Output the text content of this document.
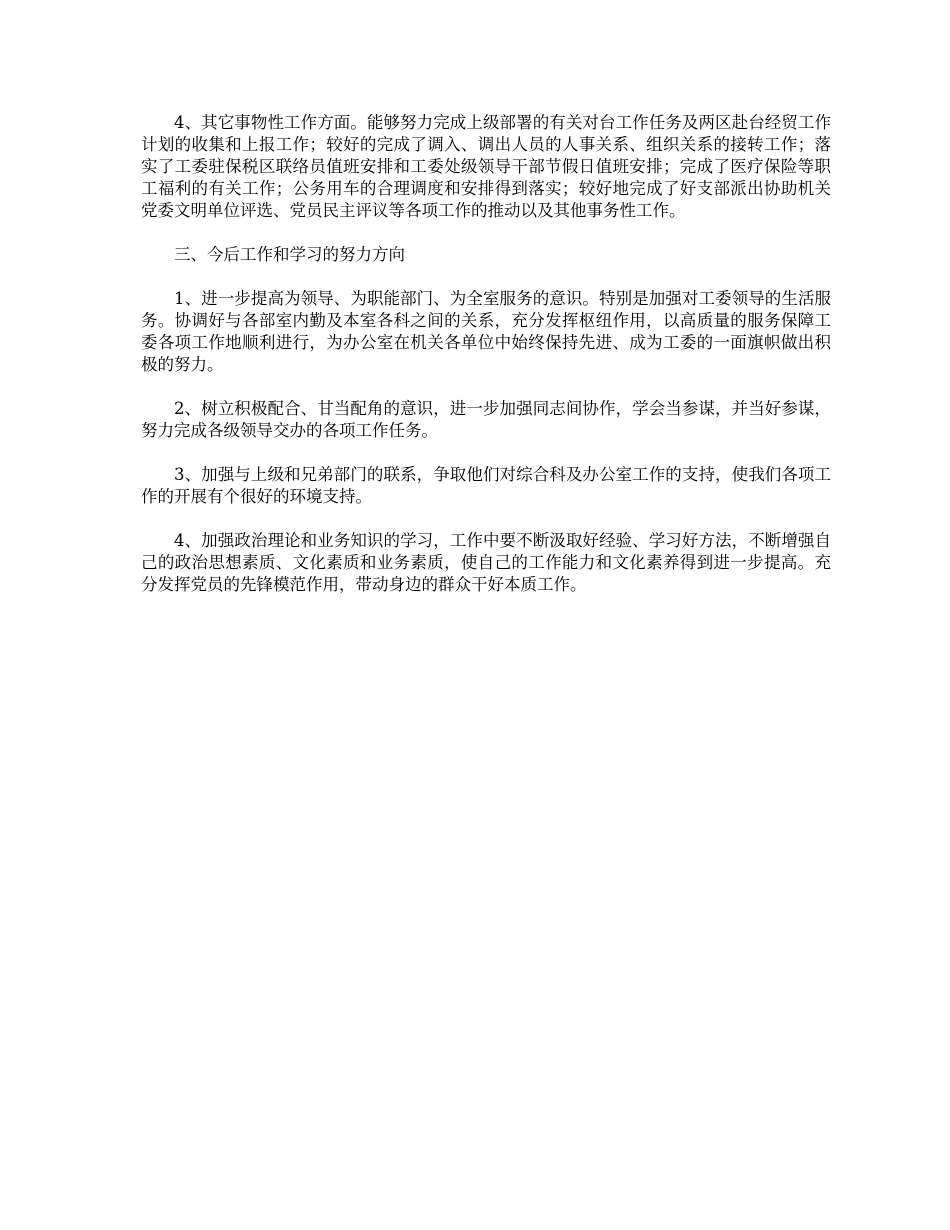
4、其它事物性工作方面。能够努力完成上级部署的有关对台工作任务及两区赴台经贸工作计划的收集和上报工作；较好的完成了调入、调出人员的人事关系、组织关系的接转工作；落实了工委驻保税区联络员值班安排和工委处级领导干部节假日值班安排；完成了医疗保险等职工福利的有关工作；公务用车的合理调度和安排得到落实；较好地完成了好支部派出协助机关党委文明单位评选、党员民主评议等各项工作的推动以及其他事务性工作。

三、今后工作和学习的努力方向

1、进一步提高为领导、为职能部门、为全室服务的意识。特别是加强对工委领导的生活服务。协调好与各部室内勤及本室各科之间的关系，充分发挥枢纽作用，以高质量的服务保障工委各项工作地顺利进行，为办公室在机关各单位中始终保持先进、成为工委的一面旗帜做出积极的努力。

2、树立积极配合、甘当配角的意识，进一步加强同志间协作，学会当参谋，并当好参谋，努力完成各级领导交办的各项工作任务。

3、加强与上级和兄弟部门的联系，争取他们对综合科及办公室工作的支持，使我们各项工作的开展有个很好的环境支持。

4、加强政治理论和业务知识的学习，工作中要不断汲取好经验、学习好方法，不断增强自己的政治思想素质、文化素质和业务素质，使自己的工作能力和文化素养得到进一步提高。充分发挥党员的先锋模范作用，带动身边的群众干好本质工作。
